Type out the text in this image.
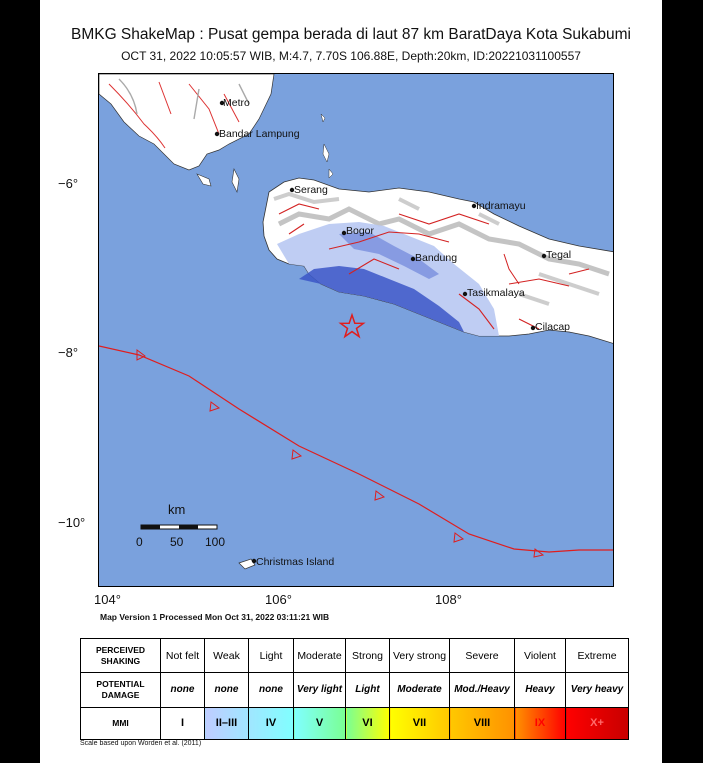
BMKG ShakeMap : Pusat gempa berada di laut 87 km BaratDaya Kota Sukabumi
OCT 31, 2022 10:05:57 WIB, M:4.7, 7.70S 106.88E, Depth:20km, ID:20221031100557
−6°
−8°
−10°
Metro
Bandar Lampung
Serang
Indramayu
Bogor
Bandung	Tegal
Tasikmalaya
Cilacap
Christmas Island
km
0 50 100
104°	106°	108°
Map Version 1 Processed Mon Oct 31, 2022 03:11:21 WIB
PERCEIVED SHAKING	Not felt	Weak	Light	Moderate	Strong	Very strong	Severe	Violent	Extreme
POTENTIAL DAMAGE	none	none	none	Very light	Light	Moderate	Mod./Heavy	Heavy	Very heavy
MMI	I	II–III	IV	V	VI	VII	VIII	IX	X+
Scale based upon Worden et al. (2011)
